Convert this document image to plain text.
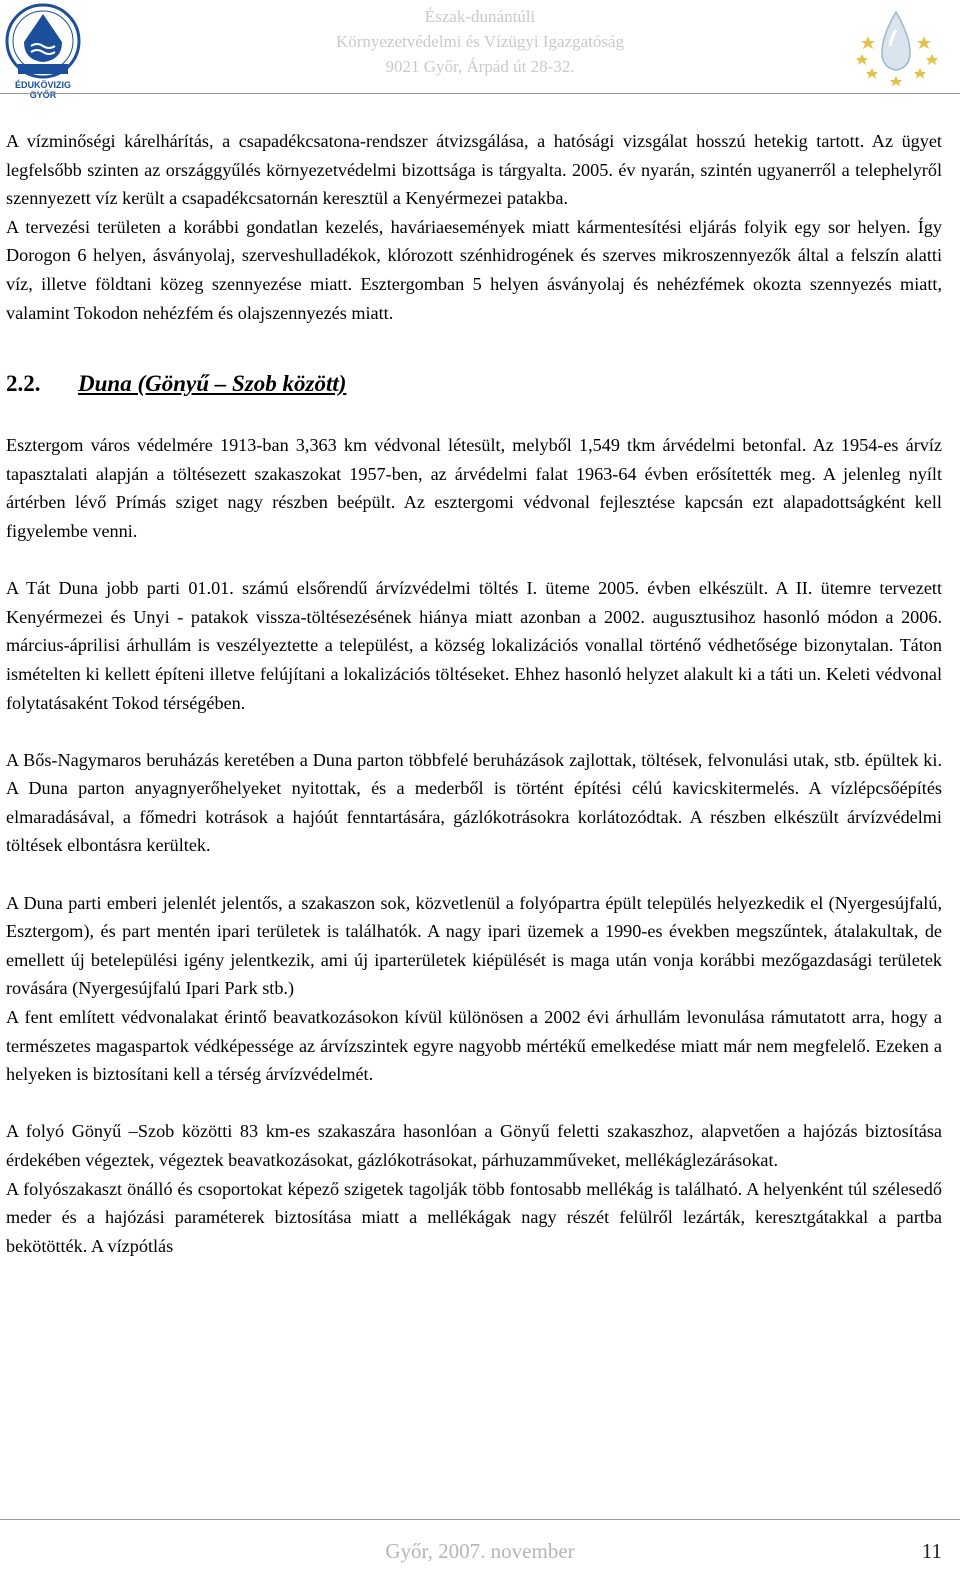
ÉDUKÖVIZIG
GYŐR
Észak-dunántúli
Környezetvédelmi és Vízügyi Igazgatóság
9021 Győr, Árpád út 28-32.

A vízminőségi kárelhárítás, a csapadékcsatona-rendszer átvizsgálása, a hatósági vizsgálat hosszú hetekig tartott. Az ügyet legfelsőbb szinten az országgyűlés környezetvédelmi bizottsága is tárgyalta. 2005. év nyarán, szintén ugyanerről a telephelyről szennyezett víz került a csapadékcsatornán keresztül a Kenyérmezei patakba.

A tervezési területen a korábbi gondatlan kezelés, haváriaesemények miatt kármentesítési eljárás folyik egy sor helyen. Így Dorogon 6 helyen, ásványolaj, szerveshulladékok, klórozott szénhidrogének és szerves mikroszennyezők által a felszín alatti víz, illetve földtani közeg szennyezése miatt. Esztergomban 5 helyen ásványolaj és nehézfémek okozta szennyezés miatt, valamint Tokodon nehézfém és olajszennyezés miatt.

2.2. Duna (Gönyű – Szob között)

Esztergom város védelmére 1913-ban 3,363 km védvonal létesült, melyből 1,549 tkm árvédelmi betonfal. Az 1954-es árvíz tapasztalati alapján a töltésezett szakaszokat 1957-ben, az árvédelmi falat 1963-64 évben erősítették meg. A jelenleg nyílt ártérben lévő Prímás sziget nagy részben beépült. Az esztergomi védvonal fejlesztése kapcsán ezt alapadottságként kell figyelembe venni.

A Tát Duna jobb parti 01.01. számú elsőrendű árvízvédelmi töltés I. üteme 2005. évben elkészült. A II. ütemre tervezett Kenyérmezei és Unyi - patakok vissza-töltésezésének hiánya miatt azonban a 2002. augusztusihoz hasonló módon a 2006. március-áprilisi árhullám is veszélyeztette a települést, a község lokalizációs vonallal történő védhetősége bizonytalan. Táton ismételten ki kellett építeni illetve felújítani a lokalizációs töltéseket. Ehhez hasonló helyzet alakult ki a táti un. Keleti védvonal folytatásaként Tokod térségében.

A Bős-Nagymaros beruházás keretében a Duna parton többfelé beruházások zajlottak, töltések, felvonulási utak, stb. épültek ki. A Duna parton anyagnyerőhelyeket nyitottak, és a mederből is történt építési célú kavicskitermelés. A vízlépcsőépítés elmaradásával, a főmedri kotrások a hajóút fenntartására, gázlókotrásokra korlátozódtak. A részben elkészült árvízvédelmi töltések elbontásra kerültek.

A Duna parti emberi jelenlét jelentős, a szakaszon sok, közvetlenül a folyópartra épült település helyezkedik el (Nyergesújfalú, Esztergom), és part mentén ipari területek is találhatók. A nagy ipari üzemek a 1990-es években megszűntek, átalakultak, de emellett új betelepülési igény jelentkezik, ami új iparterületek kiépülését is maga után vonja korábbi mezőgazdasági területek rovására (Nyergesújfalú Ipari Park stb.)

A fent említett védvonalakat érintő beavatkozásokon kívül különösen a 2002 évi árhullám levonulása rámutatott arra, hogy a természetes magaspartok védképessége az árvízszintek egyre nagyobb mértékű emelkedése miatt már nem megfelelő. Ezeken a helyeken is biztosítani kell a térség árvízvédelmét.

A folyó Gönyű –Szob közötti 83 km-es szakaszára hasonlóan a Gönyű feletti szakaszhoz, alapvetően a hajózás biztosítása érdekében végeztek, végeztek beavatkozásokat, gázlókotrásokat, párhuzamműveket, mellékáglezárásokat.

A folyószakaszt önálló és csoportokat képező szigetek tagolják több fontosabb mellékág is található. A helyenként túl szélesedő meder és a hajózási paraméterek biztosítása miatt a mellékágak nagy részét felülről lezárták, keresztgátakkal a partba bekötötték. A vízpótlás

Győr, 2007. november	11
